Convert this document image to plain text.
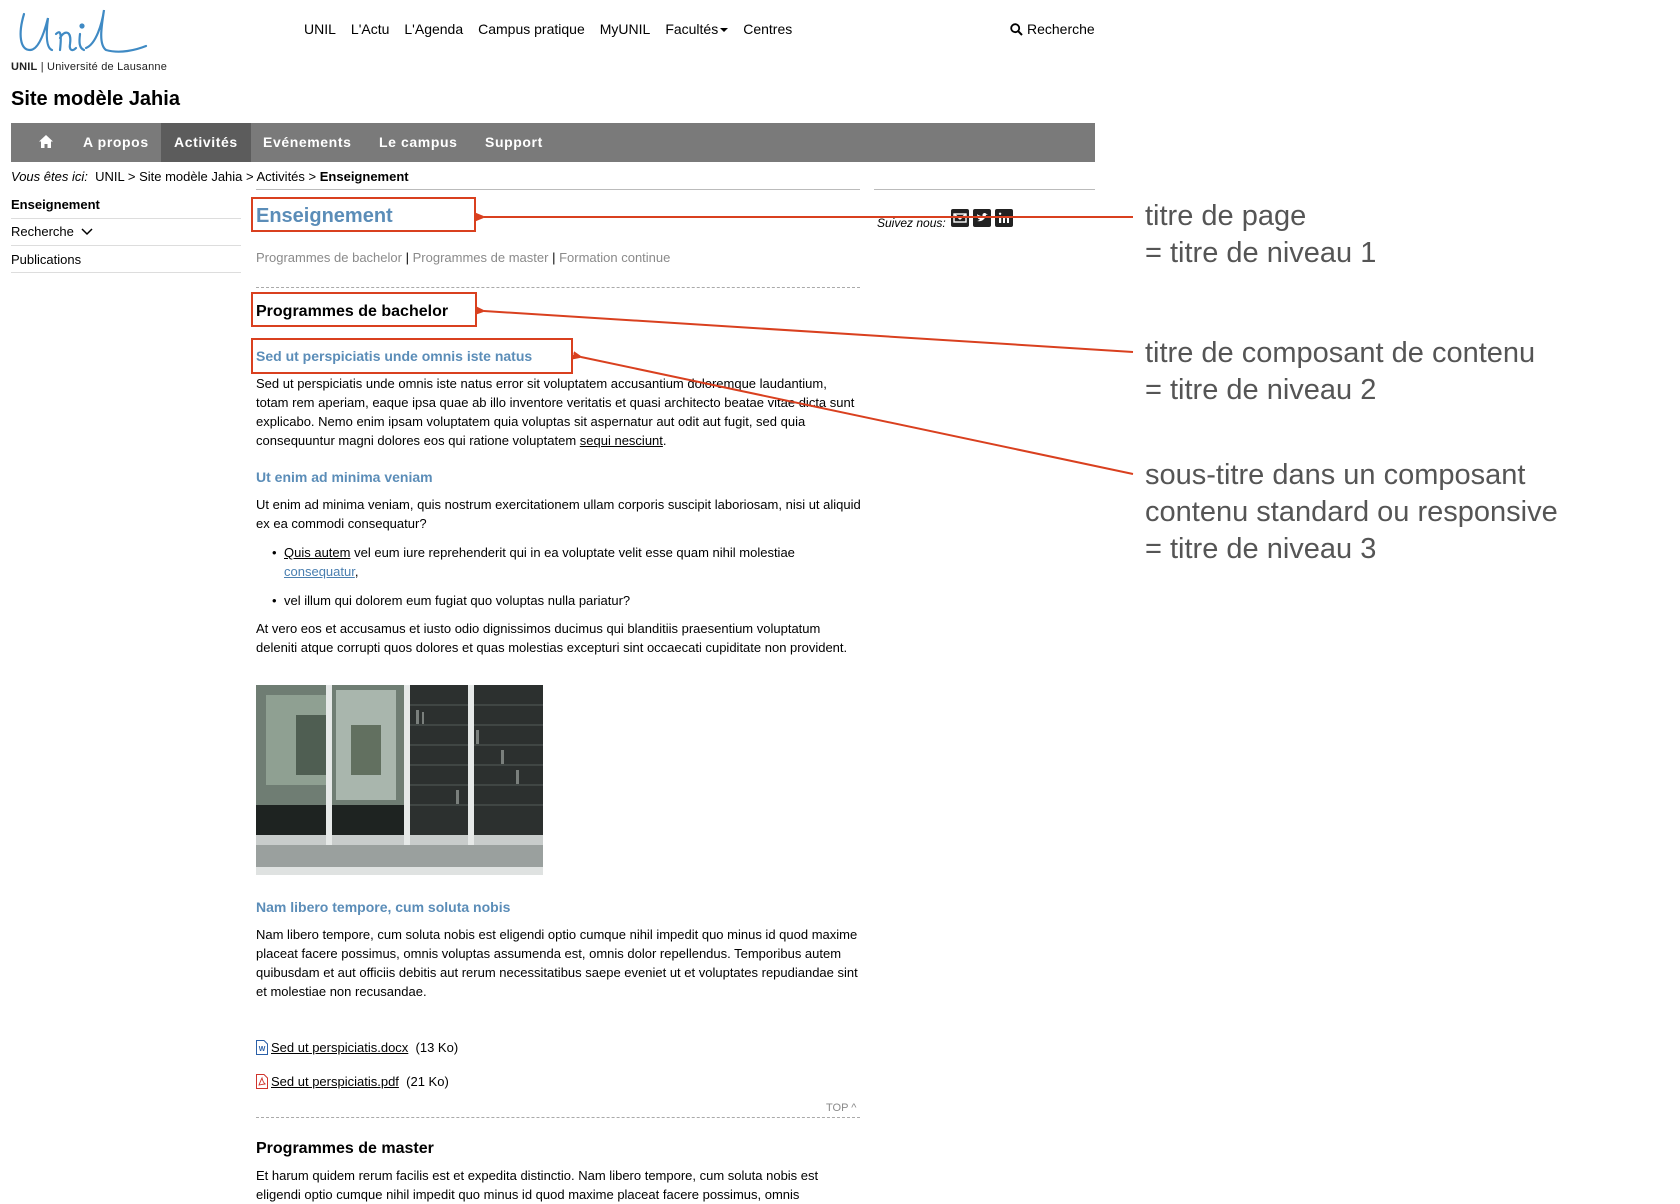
UNIL | Université de Lausanne
UNIL L'Actu L'Agenda Campus pratique MyUNIL Facultés Centres	Recherche
Site modèle Jahia
A propos	Activités	Evénements	Le campus	Support
Vous êtes ici: UNIL > Site modèle Jahia > Activités > Enseignement
Enseignement
Recherche
Publications
Suivez nous:
Enseignement
Programmes de bachelor | Programmes de master | Formation continue
Programmes de bachelor
Sed ut perspiciatis unde omnis iste natus
Sed ut perspiciatis unde omnis iste natus error sit voluptatem accusantium doloremque laudantium, totam rem aperiam, eaque ipsa quae ab illo inventore veritatis et quasi architecto beatae vitae dicta sunt explicabo. Nemo enim ipsam voluptatem quia voluptas sit aspernatur aut odit aut fugit, sed quia consequuntur magni dolores eos qui ratione voluptatem sequi nesciunt.
Ut enim ad minima veniam
Ut enim ad minima veniam, quis nostrum exercitationem ullam corporis suscipit laboriosam, nisi ut aliquid ex ea commodi consequatur?
• Quis autem vel eum iure reprehenderit qui in ea voluptate velit esse quam nihil molestiae consequatur,
• vel illum qui dolorem eum fugiat quo voluptas nulla pariatur?
At vero eos et accusamus et iusto odio dignissimos ducimus qui blanditiis praesentium voluptatum deleniti atque corrupti quos dolores et quas molestias excepturi sint occaecati cupiditate non provident.
Nam libero tempore, cum soluta nobis
Nam libero tempore, cum soluta nobis est eligendi optio cumque nihil impedit quo minus id quod maxime placeat facere possimus, omnis voluptas assumenda est, omnis dolor repellendus. Temporibus autem quibusdam et aut officiis debitis aut rerum necessitatibus saepe eveniet ut et voluptates repudiandae sint et molestiae non recusandae.
W Sed ut perspiciatis.docx (13 Ko)
Sed ut perspiciatis.pdf (21 Ko)
TOP ^
Programmes de master
Et harum quidem rerum facilis est et expedita distinctio. Nam libero tempore, cum soluta nobis est eligendi optio cumque nihil impedit quo minus id quod maxime placeat facere possimus, omnis
titre de page
= titre de niveau 1
titre de composant de contenu
= titre de niveau 2
sous-titre dans un composant
contenu standard ou responsive
= titre de niveau 3
